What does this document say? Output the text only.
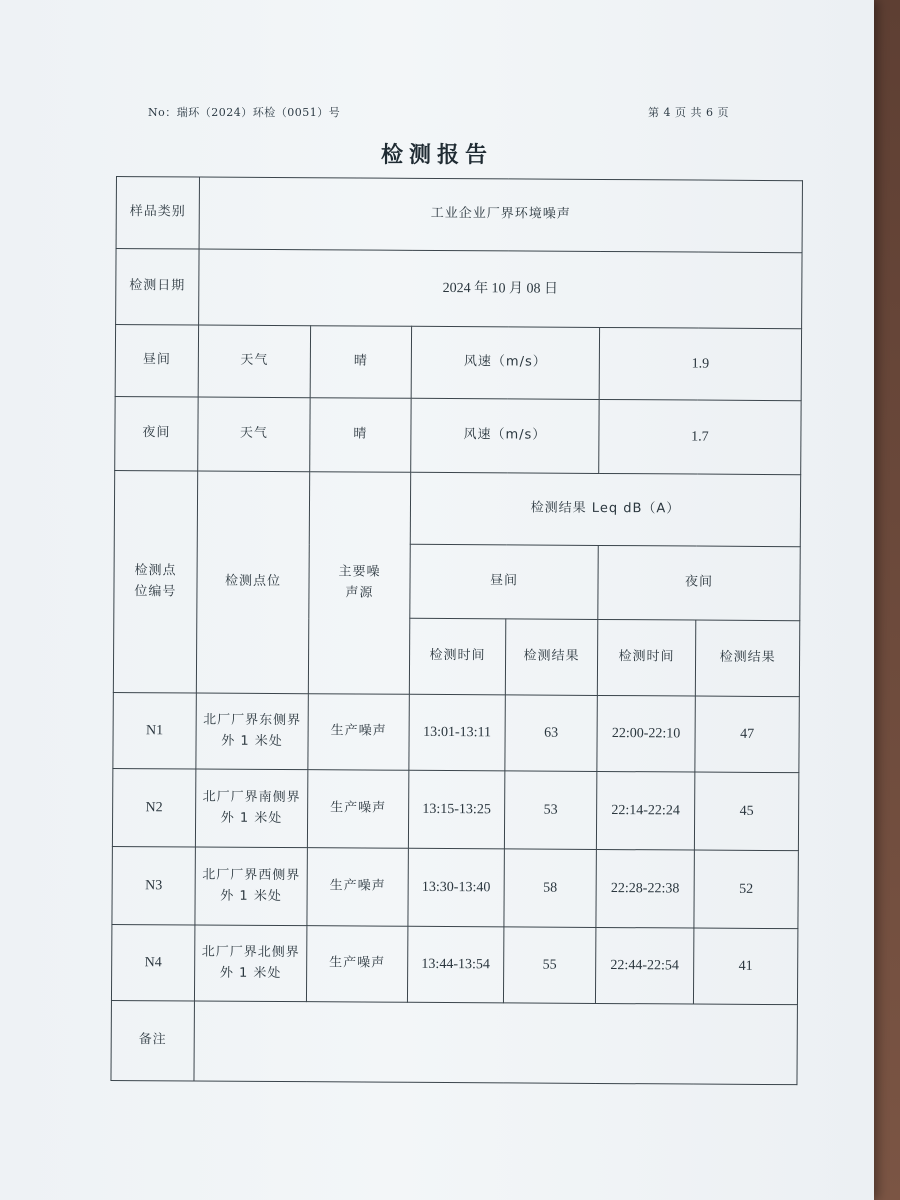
No：瑞环（2024）环检（0051）号	第 4 页 共 6 页
检测报告
样品类别	工业企业厂界环境噪声					
检测日期	2024 年 10 月 08 日					
昼间	天气	晴	风速（m/s）		1.9	
夜间	天气	晴	风速（m/s）		1.7	
检测点位编号	检测点位	主要噪声源	检测结果 Leq dB（A）			
			昼间		夜间	
			检测时间	检测结果	检测时间	检测结果
N1	北厂厂界东侧界外 1 米处	生产噪声	13:01-13:11	63	22:00-22:10	47
N2	北厂厂界南侧界外 1 米处	生产噪声	13:15-13:25	53	22:14-22:24	45
N3	北厂厂界西侧界外 1 米处	生产噪声	13:30-13:40	58	22:28-22:38	52
N4	北厂厂界北侧界外 1 米处	生产噪声	13:44-13:54	55	22:44-22:54	41
备注						
